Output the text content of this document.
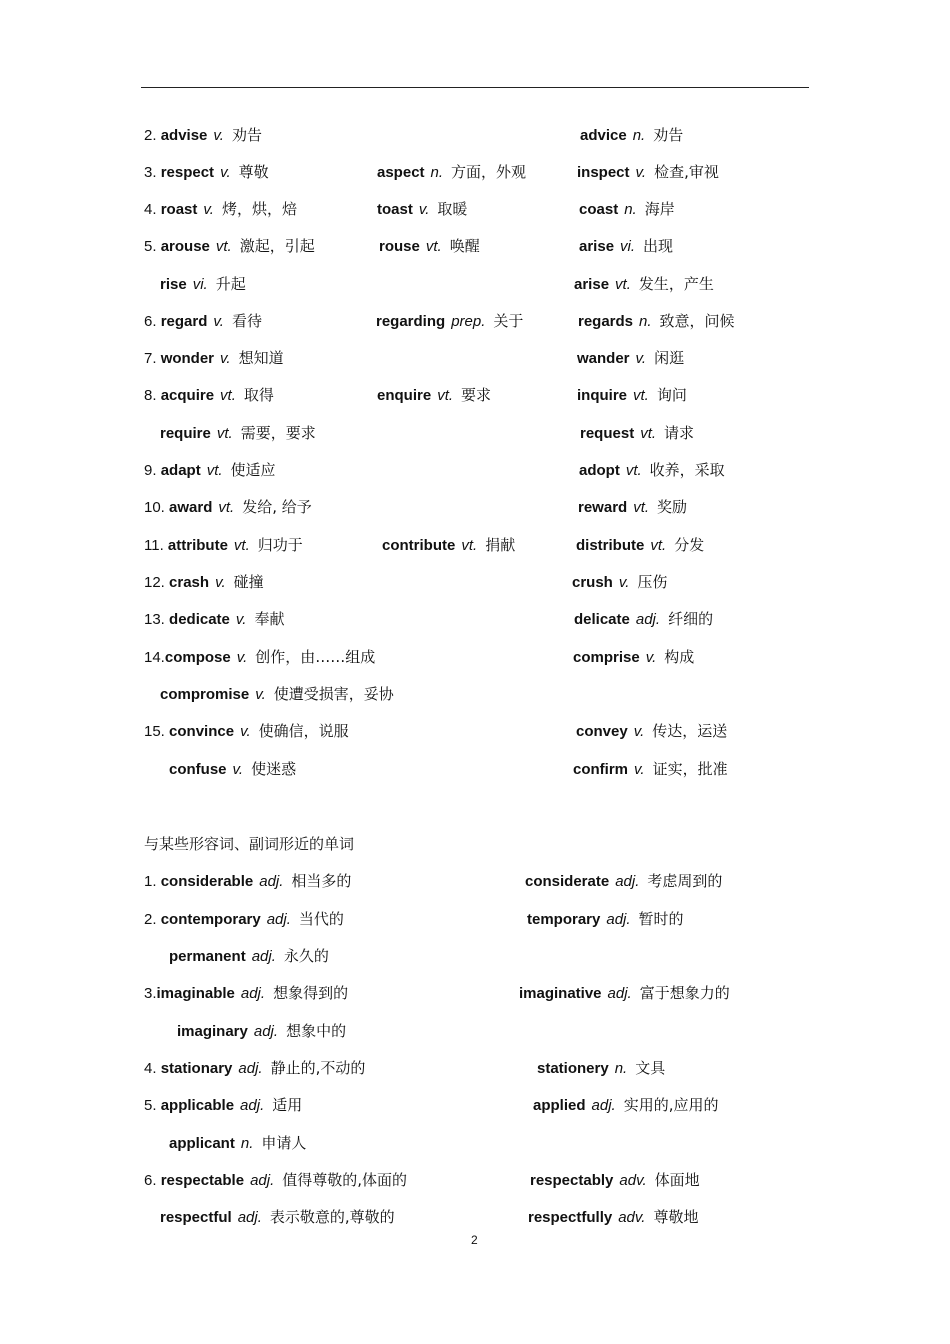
2. advise v. 劝告	advice n. 劝告
3. respect v. 尊敬	aspect n. 方面，外观	inspect v. 检查,审视
4. roast v. 烤，烘，焙	toast v. 取暖	coast n. 海岸
5. arouse vt. 激起，引起	rouse vt. 唤醒	arise vi. 出现
rise vi. 升起	arise vt. 发生，产生
6. regard v. 看待	regarding prep. 关于	regards n. 致意，问候
7. wonder v. 想知道	wander v. 闲逛
8. acquire vt. 取得	enquire vt. 要求	inquire vt. 询问
require vt. 需要，要求	request vt. 请求
9. adapt vt. 使适应	adopt vt. 收养，采取
10. award vt. 发给, 给予	reward vt. 奖励
11. attribute vt. 归功于	contribute vt. 捐献	distribute vt. 分发
12. crash v. 碰撞	crush v. 压伤
13. dedicate v. 奉献	delicate adj. 纤细的
14.compose v. 创作，由……组成	comprise v. 构成
compromise v. 使遭受损害，妥协
15. convince v. 使确信，说服	convey v. 传达，运送
confuse v. 使迷惑	confirm v. 证实，批准
1. considerable adj. 相当多的	considerate adj. 考虑周到的
2. contemporary adj. 当代的	temporary adj. 暂时的
permanent adj. 永久的
3.imaginable adj. 想象得到的	imaginative adj. 富于想象力的
imaginary adj. 想象中的
4. stationary adj. 静止的,不动的	stationery n. 文具
5. applicable adj. 适用	applied adj. 实用的,应用的
applicant n. 申请人
6. respectable adj. 值得尊敬的,体面的	respectably adv. 体面地
respectful adj. 表示敬意的,尊敬的	respectfully adv. 尊敬地
与某些形容词、副词形近的单词
2
